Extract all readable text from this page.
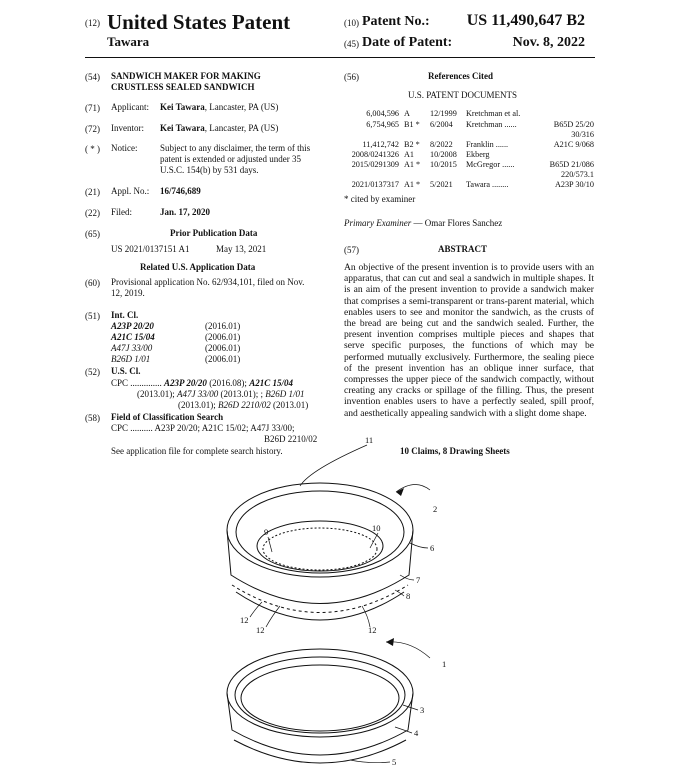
(12) United States Patent
Tawara
(10) Patent No.: US 11,490,647 B2
(45) Date of Patent:	Nov. 8, 2022
(54) SANDWICH MAKER FOR MAKING
CRUSTLESS SEALED SANDWICH
(71) Applicant: Kei Tawara, Lancaster, PA (US)
(72) Inventor: Kei Tawara, Lancaster, PA (US)
( * ) Notice:	Subject to any disclaimer, the term of this
patent is extended or adjusted under 35
U.S.C. 154(b) by 531 days.
(21) Appl. No.: 16/746,689
(22) Filed:	Jan. 17, 2020
(65)	Prior Publication Data
US 2021/0137151 A1	May 13, 2021
Related U.S. Application Data
(60) Provisional application No. 62/934,101, filed on Nov.
12, 2019.
(51) Int. Cl.
A23P 20/20	(2016.01)
A21C 15/04	(2006.01)
A47J 33/00	(2006.01)
B26D 1/01	(2006.01)
(52) U.S. Cl.
CPC .............. A23P 20/20 (2016.08); A21C 15/04
(2013.01); A47J 33/00 (2013.01); ; B26D 1/01
(2013.01); B26D 2210/02 (2013.01)
(58) Field of Classification Search
CPC .......... A23P 20/20; A21C 15/02; A47J 33/00;
B26D 2210/02
See application file for complete search history.
(56)	References Cited
U.S. PATENT DOCUMENTS
6,004,596 A 12/1999 Kretchman et al.
6,754,965 B1 * 6/2004 Kretchman ......	B65D 25/20
30/316
11,412,742 B2 * 8/2022 Franklin ......	A21C 9/068
2008/0241326 A1 10/2008 Ekberg
2015/0291309 A1 * 10/2015 McGregor ......	B65D 21/086
220/573.1
2021/0137317 A1 * 5/2021 Tawara ........	A23P 30/10
* cited by examiner
Primary Examiner — Omar Flores Sanchez
(57)	ABSTRACT
An objective of the present invention is to provide users with an apparatus, that can cut and seal a sandwich in multiple shapes. It is an aim of the present invention to provide a sandwich maker that comprises a semi-transparent or trans-parent material, which enables users to see and monitor the sandwich, as the crusts of the bread are being cut and the sandwich sealed. Further, the present invention comprises multiple pieces and shapes that serve specific purposes, the functions of which may be performed mutually exclusively. Furthermore, the sealing piece of the present invention has an oblique inner surface, that compresses the upper piece of the sandwich compactly, without creating any cracks or spillage of the filling. Thus, the present invention enables users to have a perfectly sealed, spill proof, and aesthetically appealing sandwich with a slight dome shape.
10 Claims, 8 Drawing Sheets
11
2
9	10
6
7
8
12
12	12
1
3
4
5
